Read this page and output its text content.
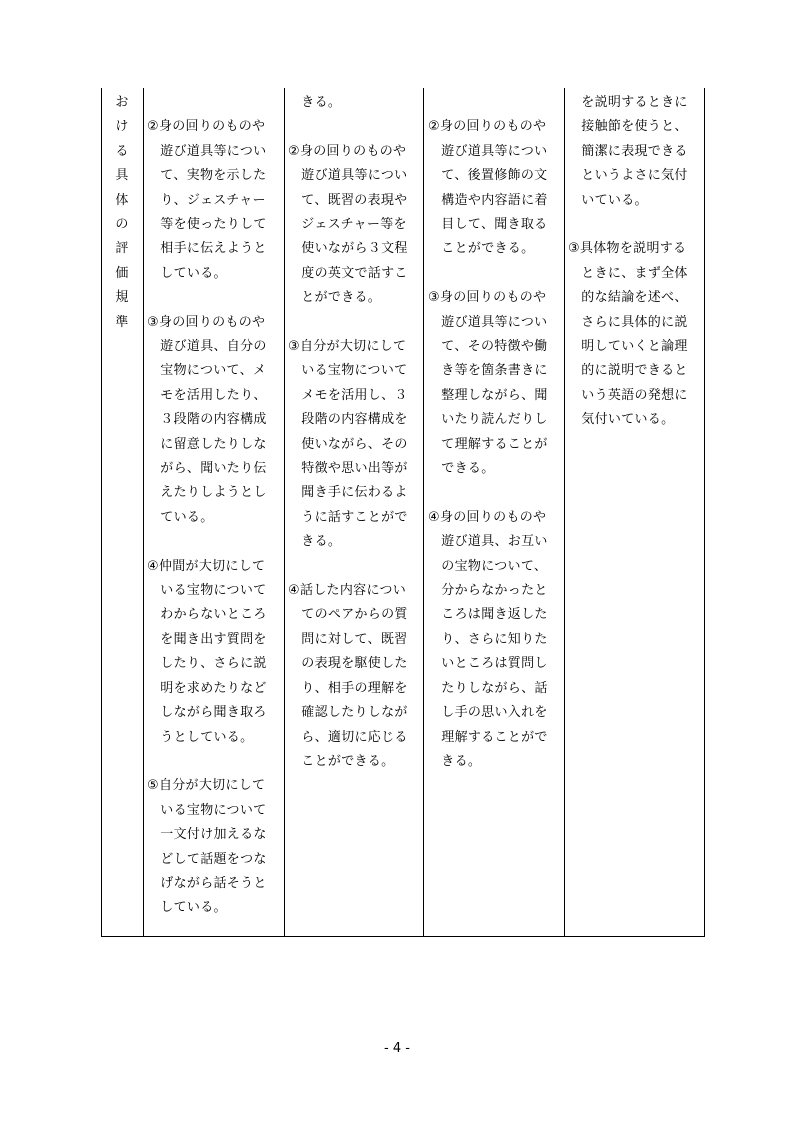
お
け
る
具
体
の
評
価
規
準
②身の回りのものや
　遊び道具等につい
　て、実物を示した
　り、ジェスチャー
　等を使ったりして
　相手に伝えようと
　している。
③身の回りのものや
　遊び道具、自分の
　宝物について、メ
　モを活用したり、
　３段階の内容構成
　に留意したりしな
　がら、聞いたり伝
　えたりしようとし
　ている。
④仲間が大切にして
　いる宝物について
　わからないところ
　を聞き出す質問を
　したり、さらに説
　明を求めたりなど
　しながら聞き取ろ
　うとしている。
⑤自分が大切にして
　いる宝物について
　一文付け加えるな
　どして話題をつな
　げながら話そうと
　している。
　きる。
②身の回りのものや
　遊び道具等につい
　て、既習の表現や
　ジェスチャー等を
　使いながら３文程
　度の英文で話すこ
　とができる。
③自分が大切にして
　いる宝物について
　メモを活用し、３
　段階の内容構成を
　使いながら、その
　特徴や思い出等が
　聞き手に伝わるよ
　うに話すことがで
　きる。
④話した内容につい
　てのペアからの質
　問に対して、既習
　の表現を駆使した
　り、相手の理解を
　確認したりしなが
　ら、適切に応じる
　ことができる。
②身の回りのものや
　遊び道具等につい
　て、後置修飾の文
　構造や内容語に着
　目して、聞き取る
　ことができる。
③身の回りのものや
　遊び道具等につい
　て、その特徴や働
　き等を箇条書きに
　整理しながら、聞
　いたり読んだりし
　て理解することが
　できる。
④身の回りのものや
　遊び道具、お互い
　の宝物について、
　分からなかったと
　ころは聞き返した
　り、さらに知りた
　いところは質問し
　たりしながら、話
　し手の思い入れを
　理解することがで
　きる。
　を説明するときに
　接触節を使うと、
　簡潔に表現できる
　というよさに気付
　いている。
③具体物を説明する
　ときに、まず全体
　的な結論を述べ、
　さらに具体的に説
　明していくと論理
　的に説明できると
　いう英語の発想に
　気付いている。
- 4 -
